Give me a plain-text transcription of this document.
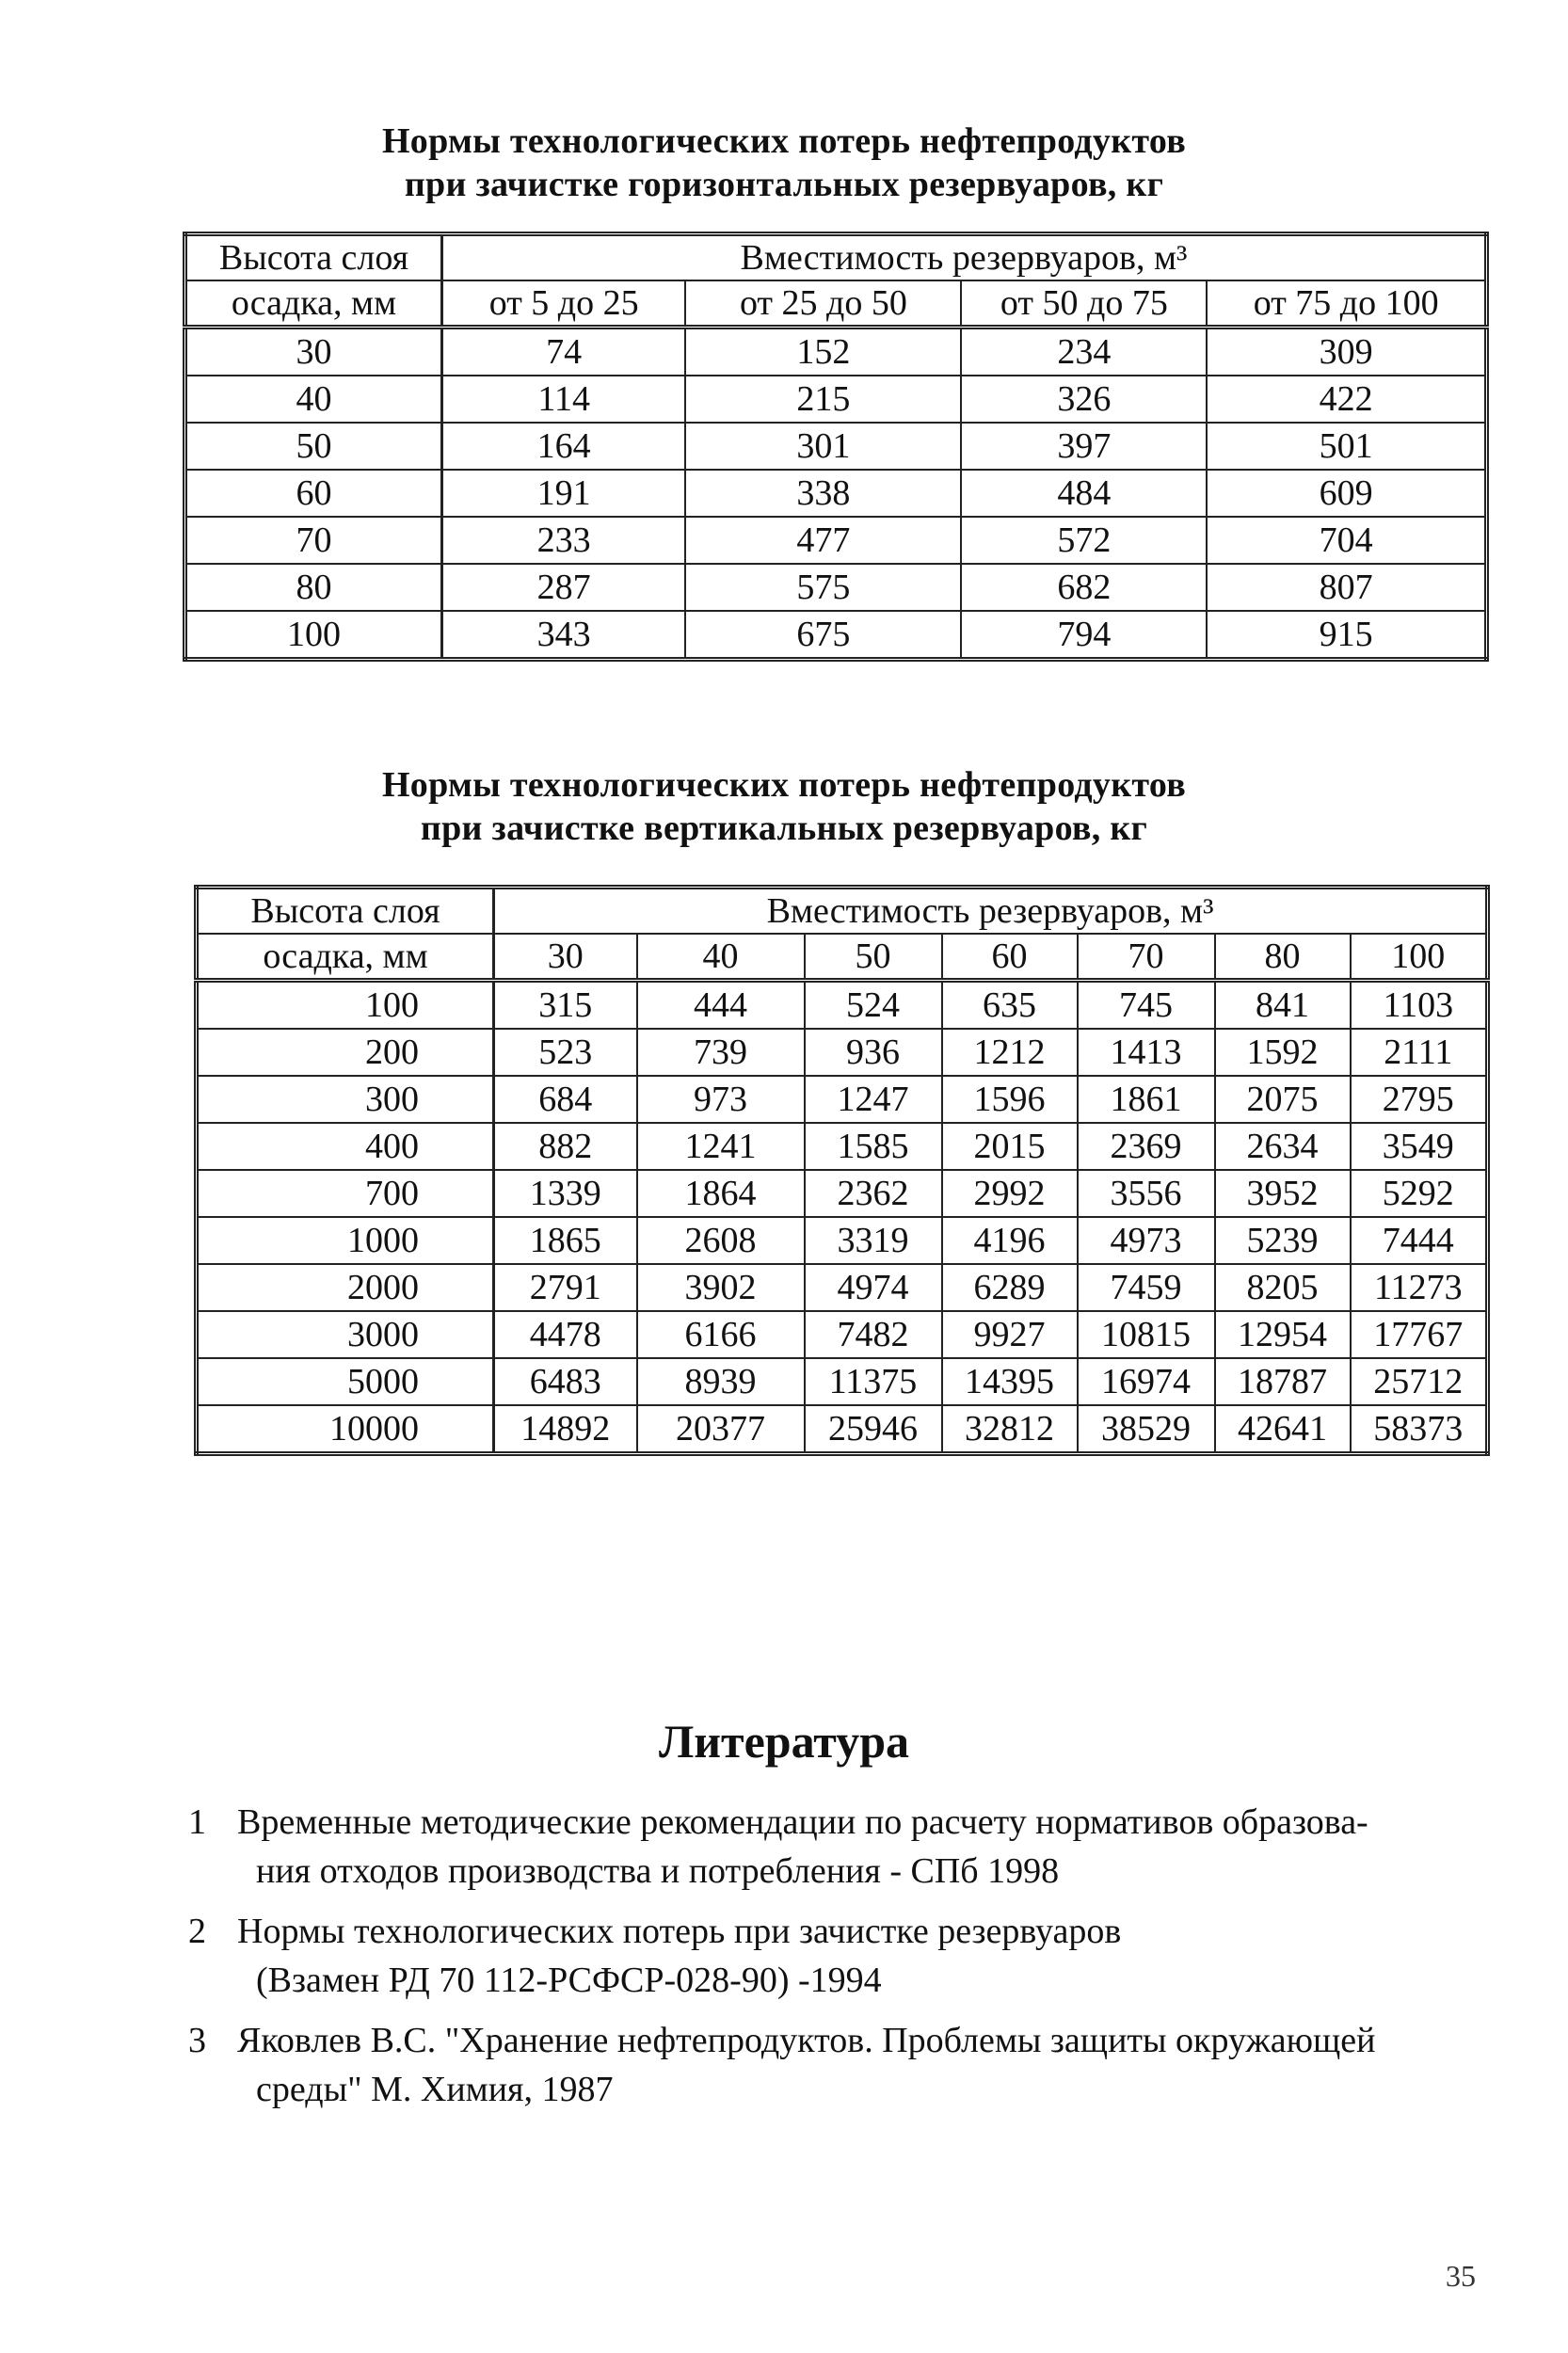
Нормы технологических потерь нефтепродуктов
при зачистке горизонтальных резервуаров, кг
Высота слоя	Вместимость резервуаров, м³			
осадка, мм	от 5 до 25	от 25 до 50	от 50 до 75	от 75 до 100
30	74	152	234	309
40	114	215	326	422
50	164	301	397	501
60	191	338	484	609
70	233	477	572	704
80	287	575	682	807
100	343	675	794	915
Нормы технологических потерь нефтепродуктов
при зачистке вертикальных резервуаров, кг
Высота слоя	Вместимость резервуаров, м³						
осадка, мм	30	40	50	60	70	80	100
100	315	444	524	635	745	841	1103
200	523	739	936	1212	1413	1592	2111
300	684	973	1247	1596	1861	2075	2795
400	882	1241	1585	2015	2369	2634	3549
700	1339	1864	2362	2992	3556	3952	5292
1000	1865	2608	3319	4196	4973	5239	7444
2000	2791	3902	4974	6289	7459	8205	11273
3000	4478	6166	7482	9927	10815	12954	17767
5000	6483	8939	11375	14395	16974	18787	25712
10000	14892	20377	25946	32812	38529	42641	58373
Литература
1 Временные методические рекомендации по расчету нормативов образова-
ния отходов производства и потребления - СПб 1998
2 Нормы технологических потерь при зачистке резервуаров
(Взамен РД 70 112-РСФСР-028-90) -1994
3 Яковлев В.С. "Хранение нефтепродуктов. Проблемы защиты окружающей
среды" М. Химия, 1987
35
